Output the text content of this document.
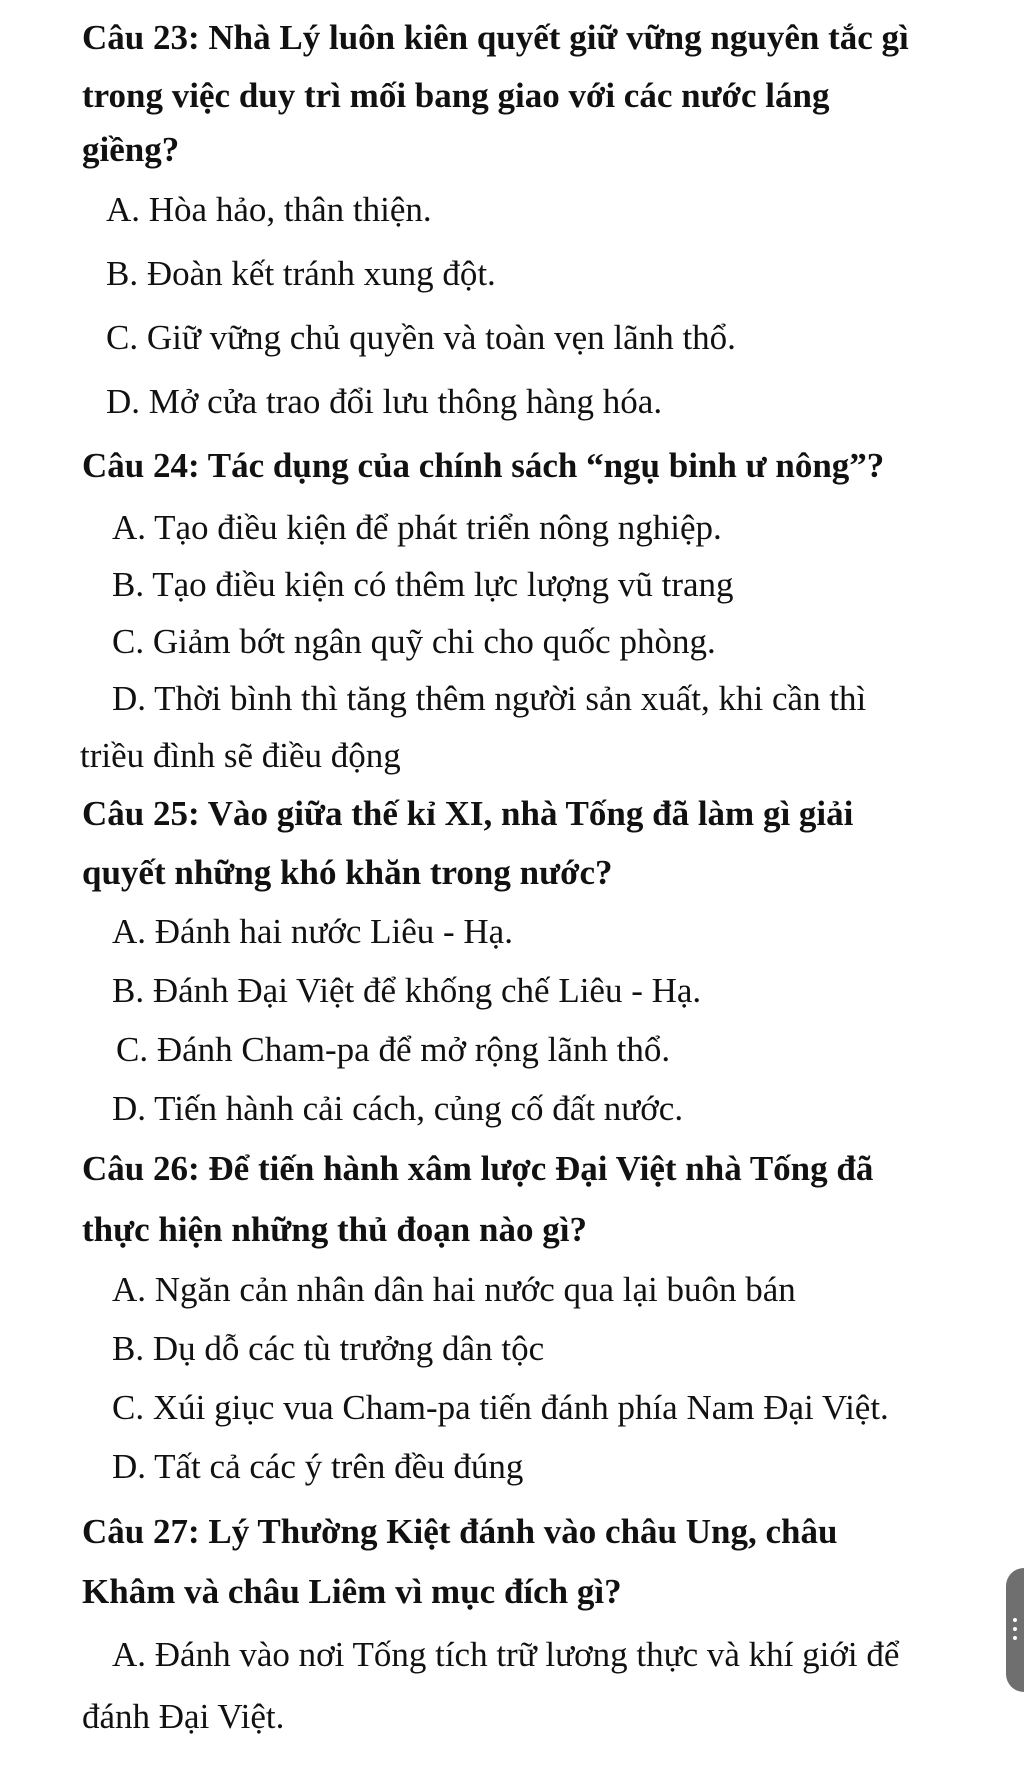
Câu 23: Nhà Lý luôn kiên quyết giữ vững nguyên tắc gì
trong việc duy trì mối bang giao với các nước láng
giềng?
A. Hòa hảo, thân thiện.
B. Đoàn kết tránh xung đột.
C. Giữ vững chủ quyền và toàn vẹn lãnh thổ.
D. Mở cửa trao đổi lưu thông hàng hóa.
Câu 24: Tác dụng của chính sách “ngụ binh ư nông”?
A. Tạo điều kiện để phát triển nông nghiệp.
B. Tạo điều kiện có thêm lực lượng vũ trang
C. Giảm bớt ngân quỹ chi cho quốc phòng.
D. Thời bình thì tăng thêm người sản xuất, khi cần thì
triều đình sẽ điều động
Câu 25: Vào giữa thế kỉ XI, nhà Tống đã làm gì giải
quyết những khó khăn trong nước?
A. Đánh hai nước Liêu - Hạ.
B. Đánh Đại Việt để khống chế Liêu - Hạ.
C. Đánh Cham-pa để mở rộng lãnh thổ.
D. Tiến hành cải cách, củng cố đất nước.
Câu 26: Để tiến hành xâm lược Đại Việt nhà Tống đã
thực hiện những thủ đoạn nào gì?
A. Ngăn cản nhân dân hai nước qua lại buôn bán
B. Dụ dỗ các tù trưởng dân tộc
C. Xúi giục vua Cham-pa tiến đánh phía Nam Đại Việt.
D. Tất cả các ý trên đều đúng
Câu 27: Lý Thường Kiệt đánh vào châu Ung, châu
Khâm và châu Liêm vì mục đích gì?
A. Đánh vào nơi Tống tích trữ lương thực và khí giới để
đánh Đại Việt.
